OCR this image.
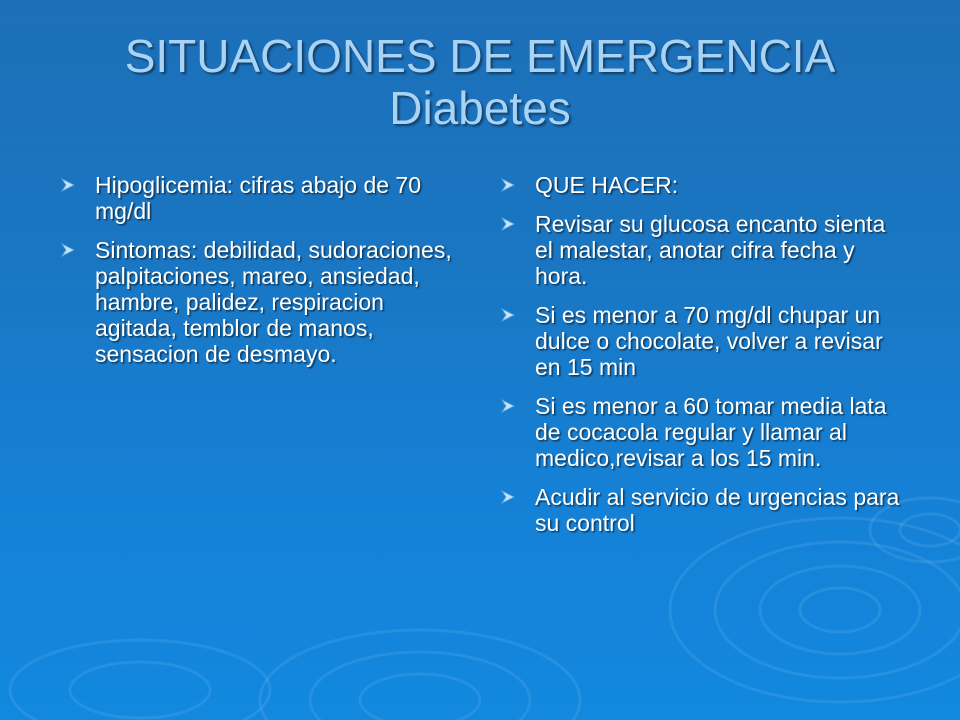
SITUACIONES DE EMERGENCIA
Diabetes
Hipoglicemia: cifras abajo de 70 mg/dl
Sintomas: debilidad, sudoraciones, palpitaciones, mareo, ansiedad, hambre, palidez, respiracion agitada, temblor de manos, sensacion de desmayo.
QUE HACER:
Revisar su glucosa encanto sienta el malestar, anotar cifra fecha y hora.
Si es menor a 70 mg/dl chupar un dulce o chocolate, volver a revisar en 15 min
Si es menor a 60 tomar media lata de cocacola regular y llamar al medico,revisar a los 15 min.
Acudir al servicio de urgencias para su control
